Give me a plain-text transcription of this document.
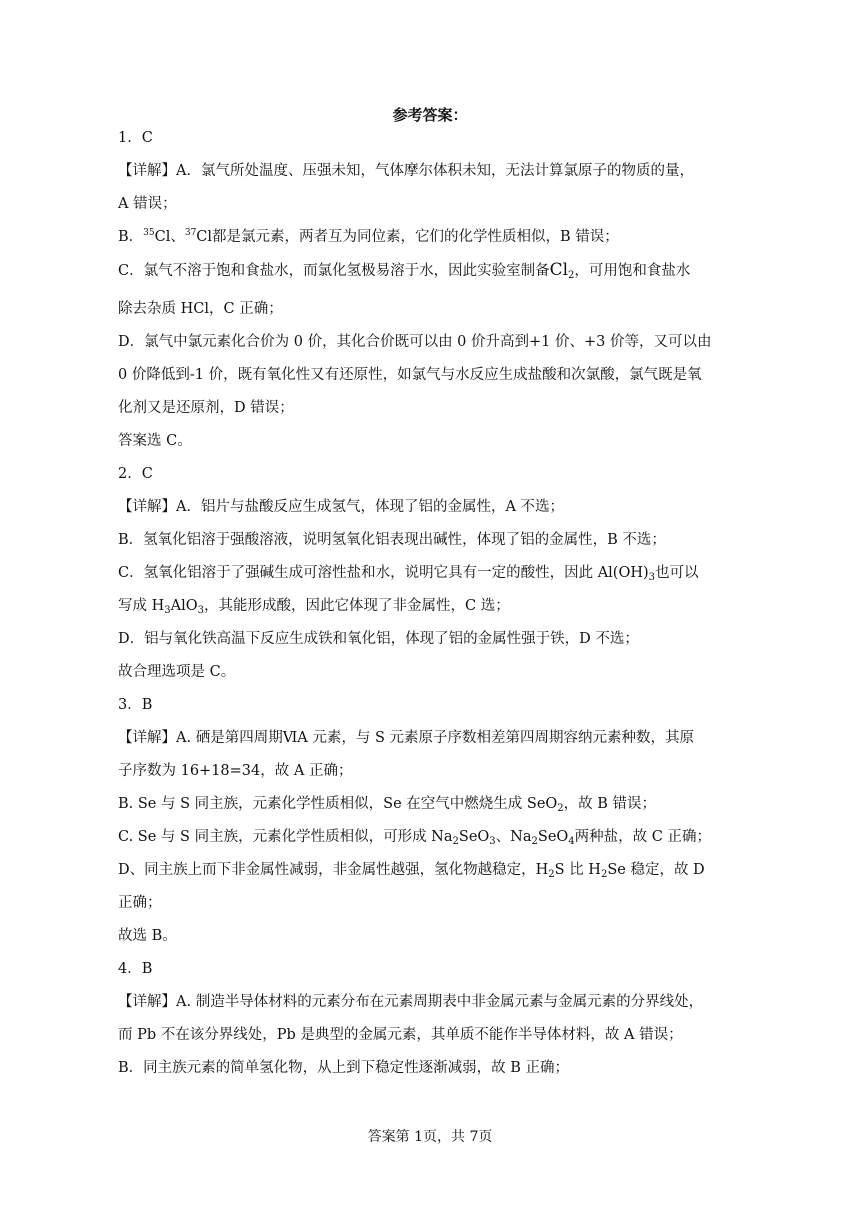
参考答案：
1．C
【详解】A．氯气所处温度、压强未知，气体摩尔体积未知，无法计算氯原子的物质的量，
A 错误；
B．$^{35}$Cl、$^{37}$Cl都是氯元素，两者互为同位素，它们的化学性质相似，B 错误；
C．氯气不溶于饱和食盐水，而氯化氢极易溶于水，因此实验室制备$Cl_2$，可用饱和食盐水
除去杂质 HCl，C 正确；
D．氯气中氯元素化合价为 0 价，其化合价既可以由 0 价升高到+1 价、+3 价等，又可以由
0 价降低到-1 价，既有氧化性又有还原性，如氯气与水反应生成盐酸和次氯酸，氯气既是氧
化剂又是还原剂，D 错误；
答案选 C。
2．C
【详解】A．铝片与盐酸反应生成氢气，体现了铝的金属性，A 不选；
B．氢氧化铝溶于强酸溶液，说明氢氧化铝表现出碱性，体现了铝的金属性，B 不选；
C．氢氧化铝溶于了强碱生成可溶性盐和水，说明它具有一定的酸性，因此 $Al(OH)_3$也可以
写成 $H_3AlO_3$，其能形成酸，因此它体现了非金属性，C 选；
D．铝与氧化铁高温下反应生成铁和氧化铝，体现了铝的金属性强于铁，D 不选；
故合理选项是 C。
3．B
【详解】A. 硒是第四周期ⅥA 元素，与 S 元素原子序数相差第四周期容纳元素种数，其原
子序数为 16+18=34，故 A 正确；
B. Se 与 S 同主族，元素化学性质相似，Se 在空气中燃烧生成 SeO$_2$，故 B 错误；
C. Se 与 S 同主族，元素化学性质相似，可形成 $Na_2SeO_3$、$Na_2SeO_4$两种盐，故 C 正确；
D、同主族上而下非金属性减弱，非金属性越强，氢化物越稳定，$H_2S$ 比 $H_2Se$ 稳定，故 D
正确；
故选 B。
4．B
【详解】A. 制造半导体材料的元素分布在元素周期表中非金属元素与金属元素的分界线处，
而 Pb 不在该分界线处，Pb 是典型的金属元素，其单质不能作半导体材料，故 A 错误；
B．同主族元素的简单氢化物，从上到下稳定性逐渐减弱，故 B 正确；
答案第 1页，共 7页
